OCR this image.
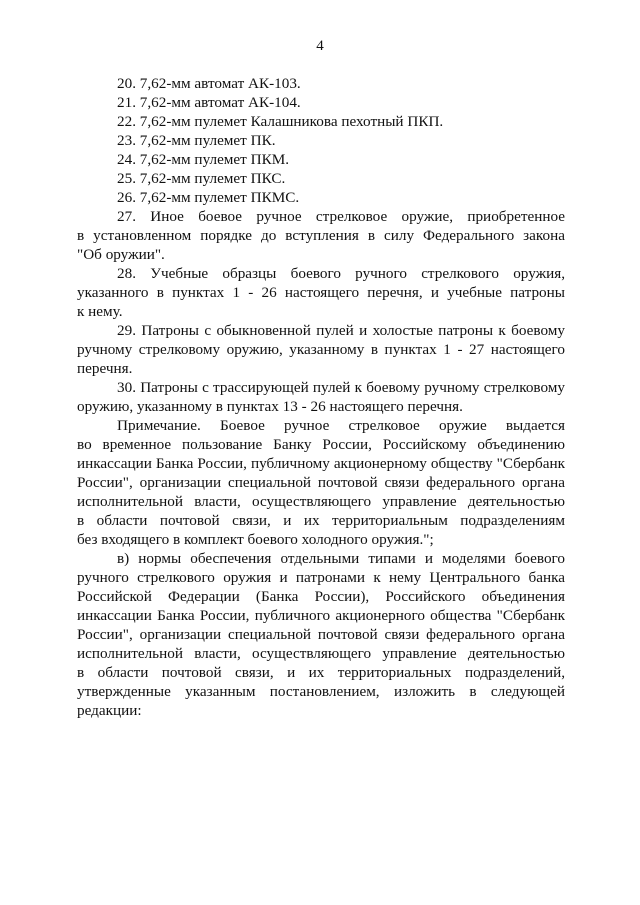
4
20. 7,62-мм автомат АК-103.
21. 7,62-мм автомат АК-104.
22. 7,62-мм пулемет Калашникова пехотный ПКП.
23. 7,62-мм пулемет ПК.
24. 7,62-мм пулемет ПКМ.
25. 7,62-мм пулемет ПКС.
26. 7,62-мм пулемет ПКМС.
27. Иное боевое ручное стрелковое оружие, приобретенное
в установленном порядке до вступления в силу Федерального закона
"Об оружии".
28. Учебные образцы боевого ручного стрелкового оружия,
указанного в пунктах 1 - 26 настоящего перечня, и учебные патроны
к нему.
29. Патроны с обыкновенной пулей и холостые патроны к боевому
ручному стрелковому оружию, указанному в пунктах 1 - 27 настоящего
перечня.
30. Патроны с трассирующей пулей к боевому ручному стрелковому
оружию, указанному в пунктах 13 - 26 настоящего перечня.
Примечание. Боевое ручное стрелковое оружие выдается
во временное пользование Банку России, Российскому объединению
инкассации Банка России, публичному акционерному обществу "Сбербанк
России", организации специальной почтовой связи федерального органа
исполнительной власти, осуществляющего управление деятельностью
в области почтовой связи, и их территориальным подразделениям
без входящего в комплект боевого холодного оружия.";
в) нормы обеспечения отдельными типами и моделями боевого
ручного стрелкового оружия и патронами к нему Центрального банка
Российской Федерации (Банка России), Российского объединения
инкассации Банка России, публичного акционерного общества "Сбербанк
России", организации специальной почтовой связи федерального органа
исполнительной власти, осуществляющего управление деятельностью
в области почтовой связи, и их территориальных подразделений,
утвержденные указанным постановлением, изложить в следующей редакции:
